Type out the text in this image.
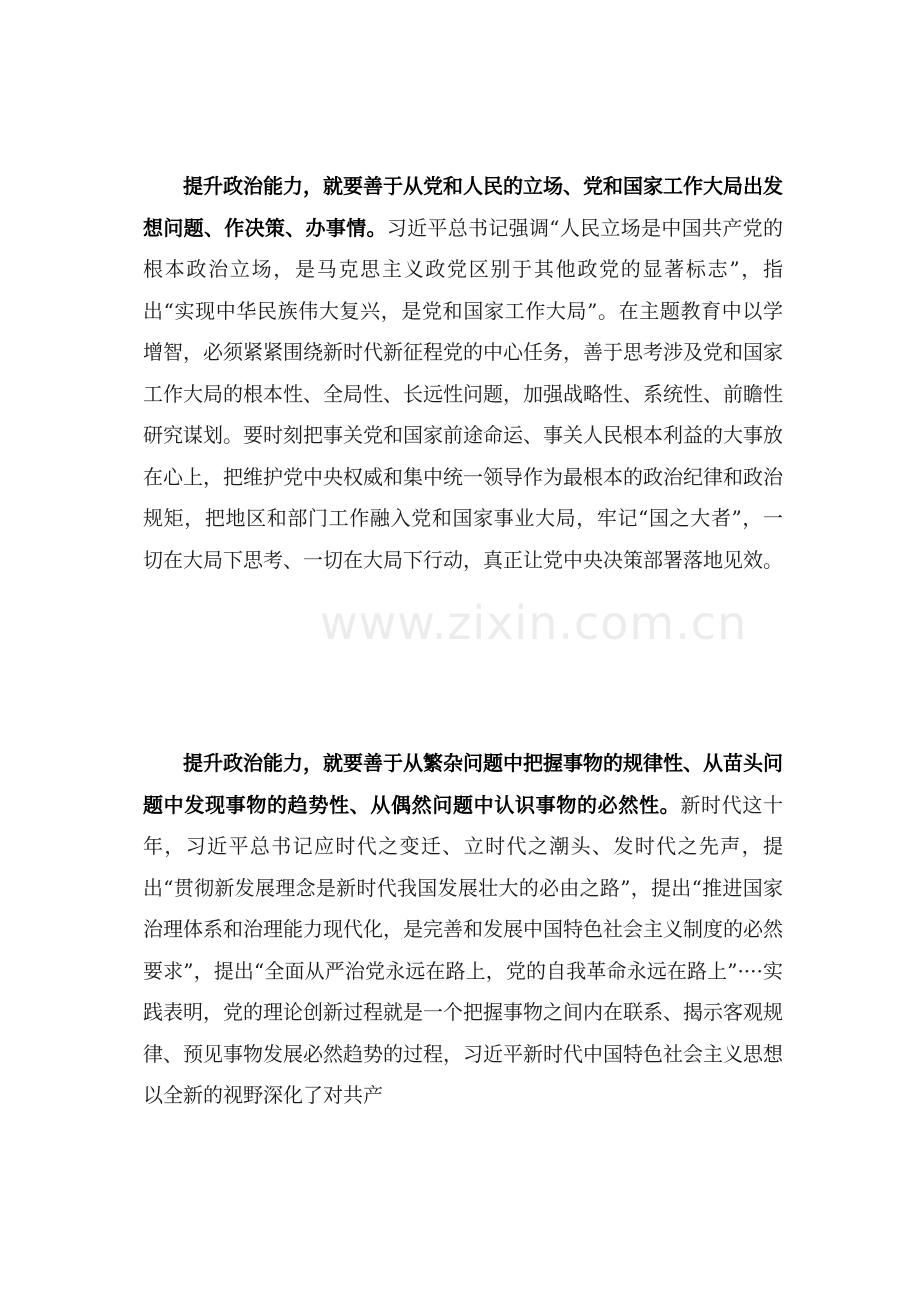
提升政治能力，就要善于从党和人民的立场、党和国家工作大局出发想问题、作决策、办事情。习近平总书记强调“人民立场是中国共产党的根本政治立场，是马克思主义政党区别于其他政党的显著标志”，指出“实现中华民族伟大复兴，是党和国家工作大局”。在主题教育中以学增智，必须紧紧围绕新时代新征程党的中心任务，善于思考涉及党和国家工作大局的根本性、全局性、长远性问题，加强战略性、系统性、前瞻性研究谋划。要时刻把事关党和国家前途命运、事关人民根本利益的大事放在心上，把维护党中央权威和集中统一领导作为最根本的政治纪律和政治规矩，把地区和部门工作融入党和国家事业大局，牢记“国之大者”，一切在大局下思考、一切在大局下行动，真正让党中央决策部署落地见效。

www.zixin.com.cn

提升政治能力，就要善于从繁杂问题中把握事物的规律性、从苗头问题中发现事物的趋势性、从偶然问题中认识事物的必然性。新时代这十年，习近平总书记应时代之变迁、立时代之潮头、发时代之先声，提出“贯彻新发展理念是新时代我国发展壮大的必由之路”，提出“推进国家治理体系和治理能力现代化，是完善和发展中国特色社会主义制度的必然要求”，提出“全面从严治党永远在路上，党的自我革命永远在路上”····实践表明，党的理论创新过程就是一个把握事物之间内在联系、揭示客观规律、预见事物发展必然趋势的过程，习近平新时代中国特色社会主义思想以全新的视野深化了对共产
